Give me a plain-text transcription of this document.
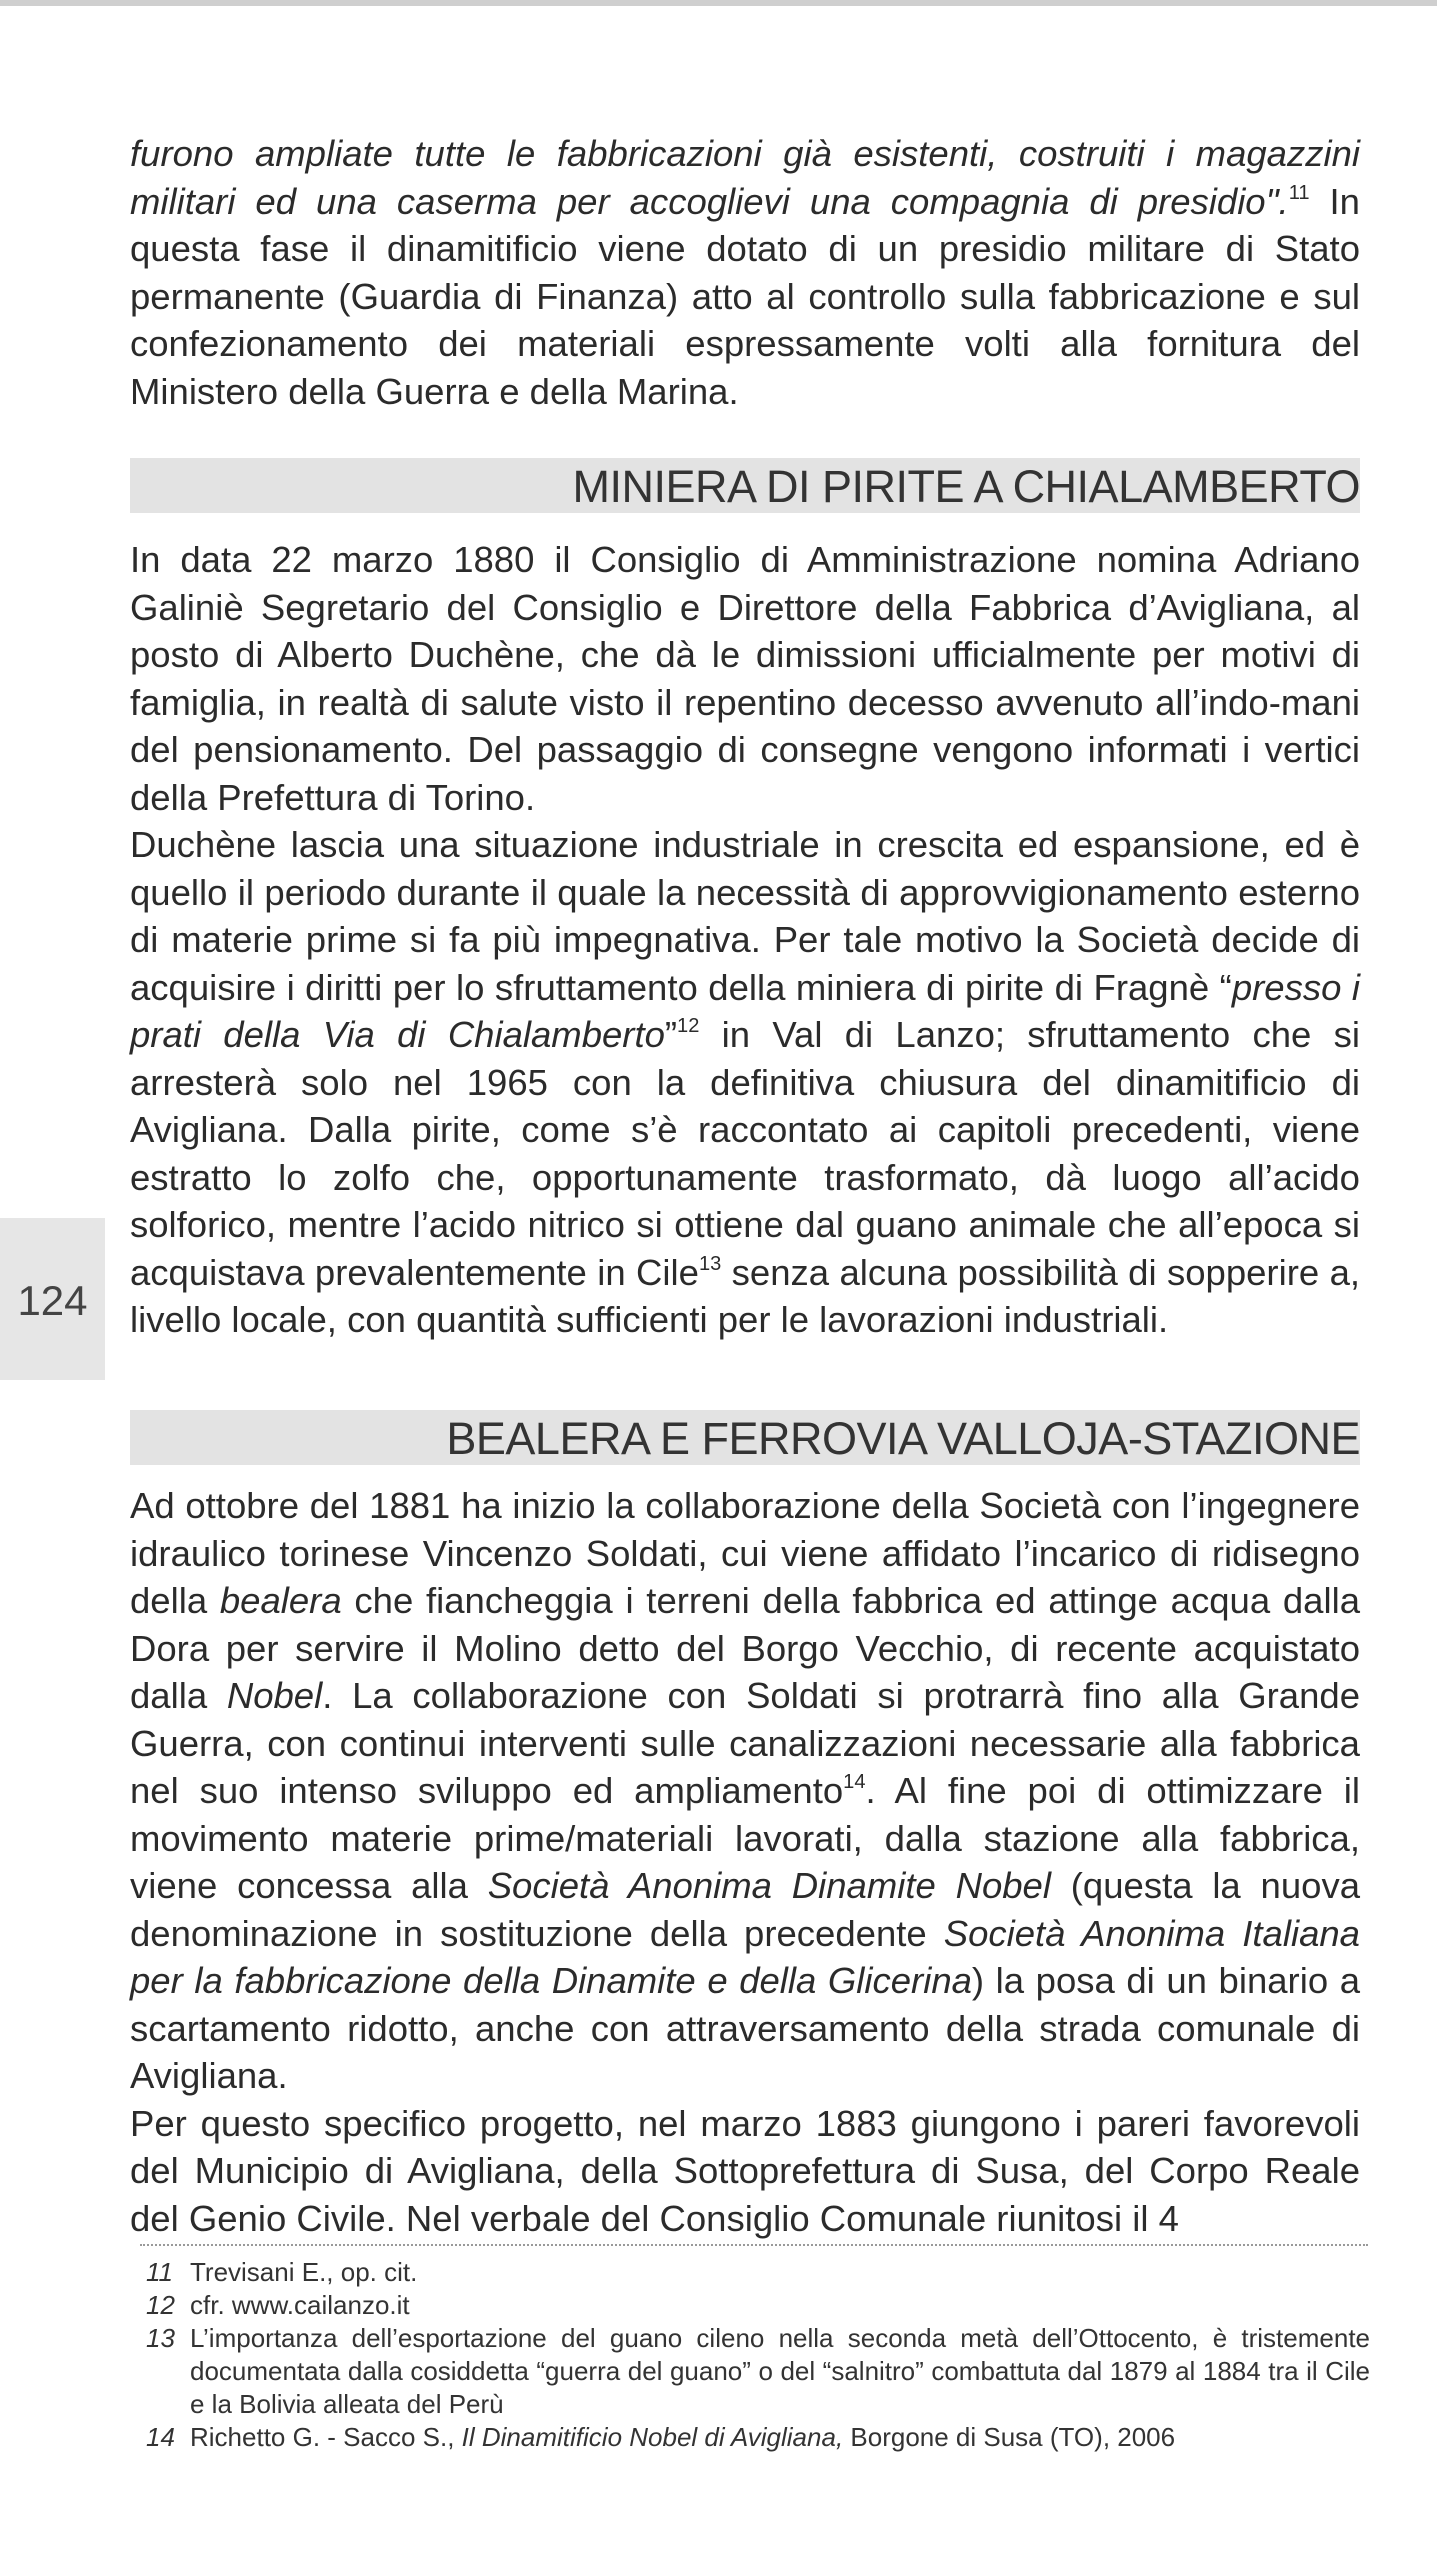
furono ampliate tutte le fabbricazioni già esistenti, costruiti i magazzini militari ed una caserma per accoglievi una compagnia di presidio".$^{11}$ In questa fase il dinamitificio viene dotato di un presidio militare di Stato permanente (Guardia di Finanza) atto al controllo sulla fabbricazione e sul confezionamento dei materiali espressamente volti alla fornitura del Ministero della Guerra e della Marina.

MINIERA DI PIRITE A CHIALAMBERTO

In data 22 marzo 1880 il Consiglio di Amministrazione nomina Adriano Galiniè Segretario del Consiglio e Direttore della Fabbrica d’Avigliana, al posto di Alberto Duchène, che dà le dimissioni ufficialmente per motivi di famiglia, in realtà di salute visto il repentino decesso avvenuto all’indo-mani del pensionamento. Del passaggio di consegne vengono informati i vertici della Prefettura di Torino.

Duchène lascia una situazione industriale in crescita ed espansione, ed è quello il periodo durante il quale la necessità di approvvigionamento esterno di materie prime si fa più impegnativa. Per tale motivo la Società decide di acquisire i diritti per lo sfruttamento della miniera di pirite di Fragnè “presso i prati della Via di Chialamberto”$^{12}$ in Val di Lanzo; sfruttamento che si arresterà solo nel 1965 con la definitiva chiusura del dinamitificio di Avigliana. Dalla pirite, come s’è raccontato ai capitoli precedenti, viene estratto lo zolfo che, opportunamente trasformato, dà luogo all’acido solforico, mentre l’acido nitrico si ottiene dal guano animale che all’epoca si acquistava prevalentemente in Cile$^{13}$ senza alcuna possibilità di sopperire a, livello locale, con quantità sufficienti per le lavorazioni industriali.

124
BEALERA E FERROVIA VALLOJA-STAZIONE

Ad ottobre del 1881 ha inizio la collaborazione della Società con l’ingegnere idraulico torinese Vincenzo Soldati, cui viene affidato l’incarico di ridisegno della bealera che fiancheggia i terreni della fabbrica ed attinge acqua dalla Dora per servire il Molino detto del Borgo Vecchio, di recente acquistato dalla Nobel. La collaborazione con Soldati si protrarrà fino alla Grande Guerra, con continui interventi sulle canalizzazioni necessarie alla fabbrica nel suo intenso sviluppo ed ampliamento$^{14}$. Al fine poi di ottimizzare il movimento materie prime/materiali lavorati, dalla stazione alla fabbrica, viene concessa alla Società Anonima Dinamite Nobel (questa la nuova denominazione in sostituzione della precedente Società Anonima Italiana per la fabbricazione della Dinamite e della Glicerina) la posa di un binario a scartamento ridotto, anche con attraversamento della strada comunale di Avigliana.

Per questo specifico progetto, nel marzo 1883 giungono i pareri favorevoli del Municipio di Avigliana, della Sottoprefettura di Susa, del Corpo Reale del Genio Civile. Nel verbale del Consiglio Comunale riunitosi il 4

11 Trevisani E., op. cit.
12 cfr. www.cailanzo.it
13 L’importanza dell’esportazione del guano cileno nella seconda metà dell’Ottocento, è tristemente documentata dalla cosiddetta “guerra del guano” o del “salnitro” combattuta dal 1879 al 1884 tra il Cile e la Bolivia alleata del Perù
14 Richetto G. - Sacco S., Il Dinamitificio Nobel di Avigliana, Borgone di Susa (TO), 2006
